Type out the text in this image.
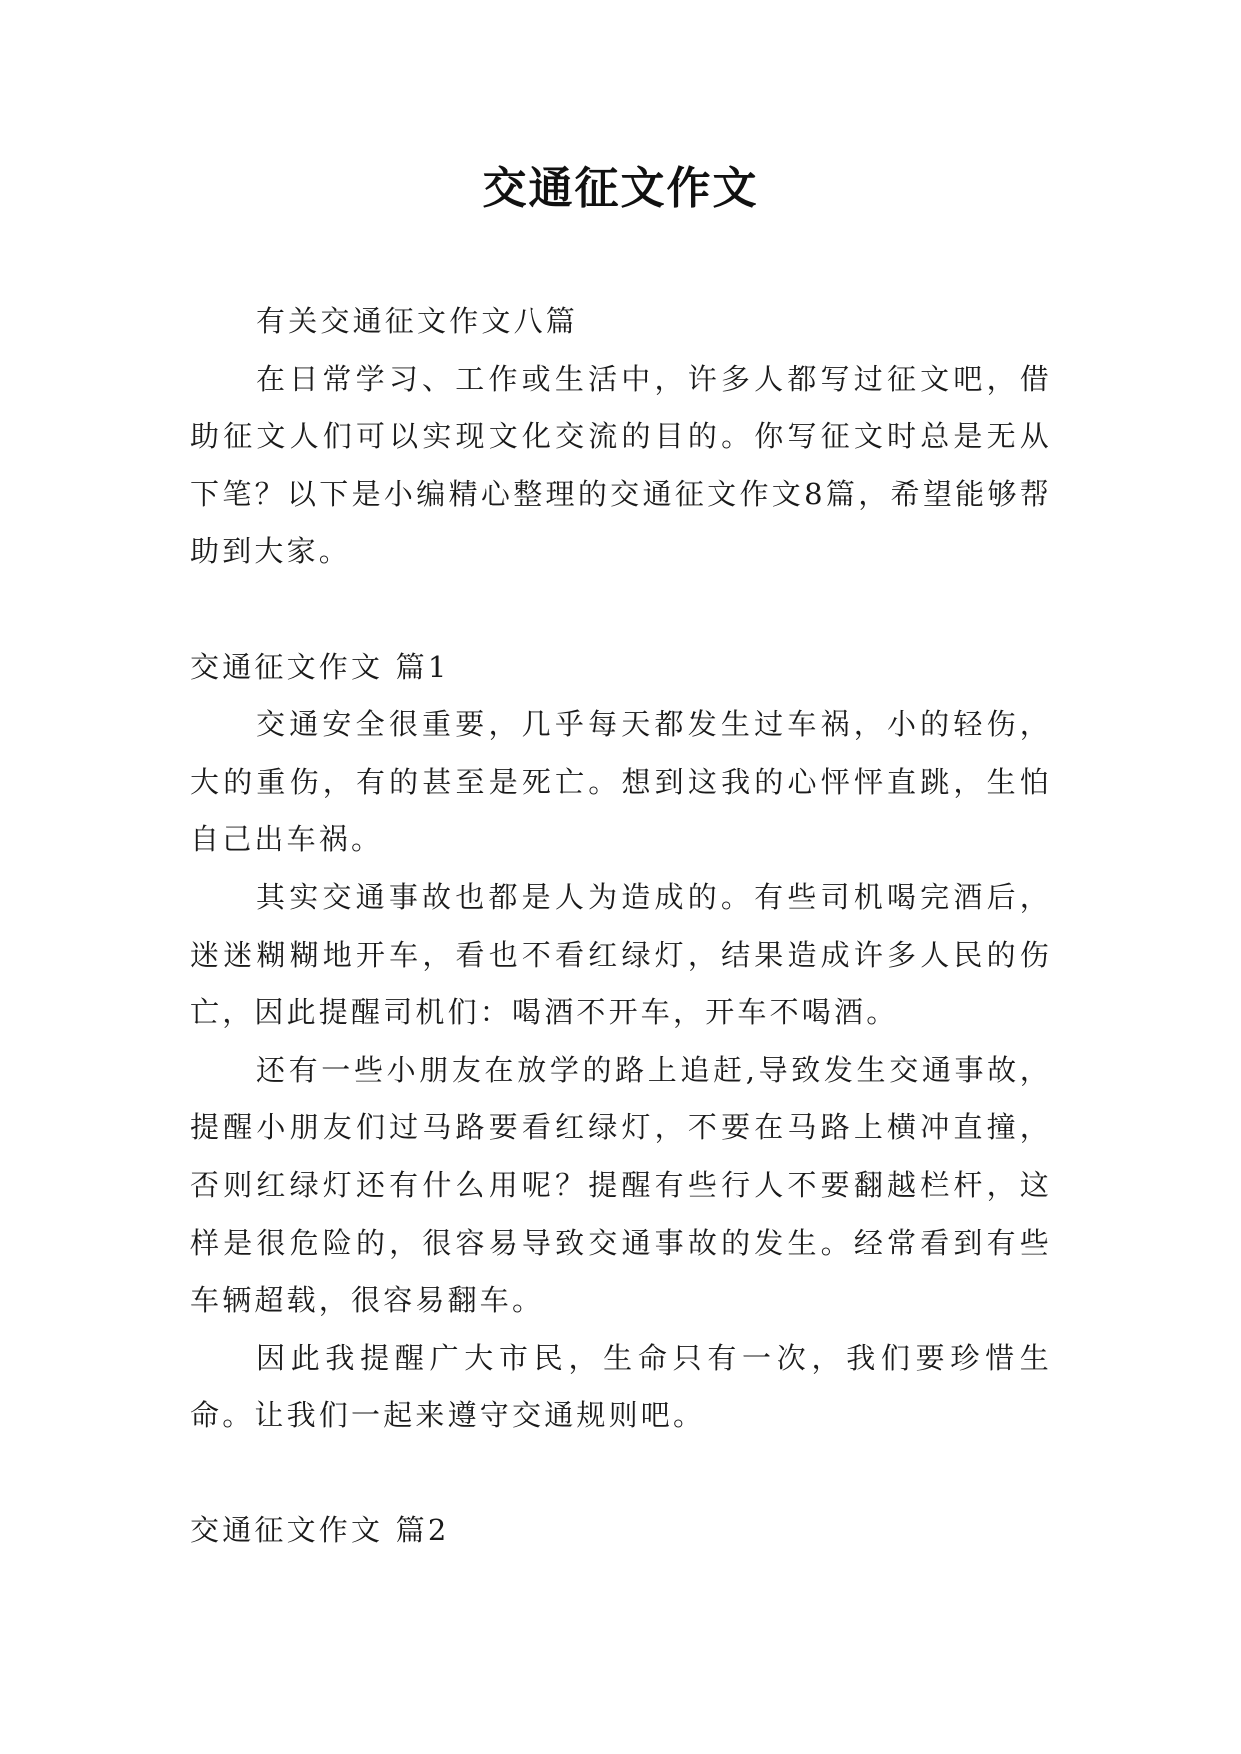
交通征文作文

有关交通征文作文八篇

在日常学习、工作或生活中，许多人都写过征文吧，借助征文人们可以实现文化交流的目的。你写征文时总是无从下笔？以下是小编精心整理的交通征文作文8篇，希望能够帮助到大家。

交通征文作文 篇1

交通安全很重要，几乎每天都发生过车祸，小的轻伤，大的重伤，有的甚至是死亡。想到这我的心怦怦直跳，生怕自己出车祸。

其实交通事故也都是人为造成的。有些司机喝完酒后，迷迷糊糊地开车，看也不看红绿灯，结果造成许多人民的伤亡，因此提醒司机们：喝酒不开车，开车不喝酒。

还有一些小朋友在放学的路上追赶,导致发生交通事故，提醒小朋友们过马路要看红绿灯，不要在马路上横冲直撞，否则红绿灯还有什么用呢？提醒有些行人不要翻越栏杆，这样是很危险的，很容易导致交通事故的发生。经常看到有些车辆超载，很容易翻车。

因此我提醒广大市民，生命只有一次，我们要珍惜生命。让我们一起来遵守交通规则吧。

交通征文作文 篇2
